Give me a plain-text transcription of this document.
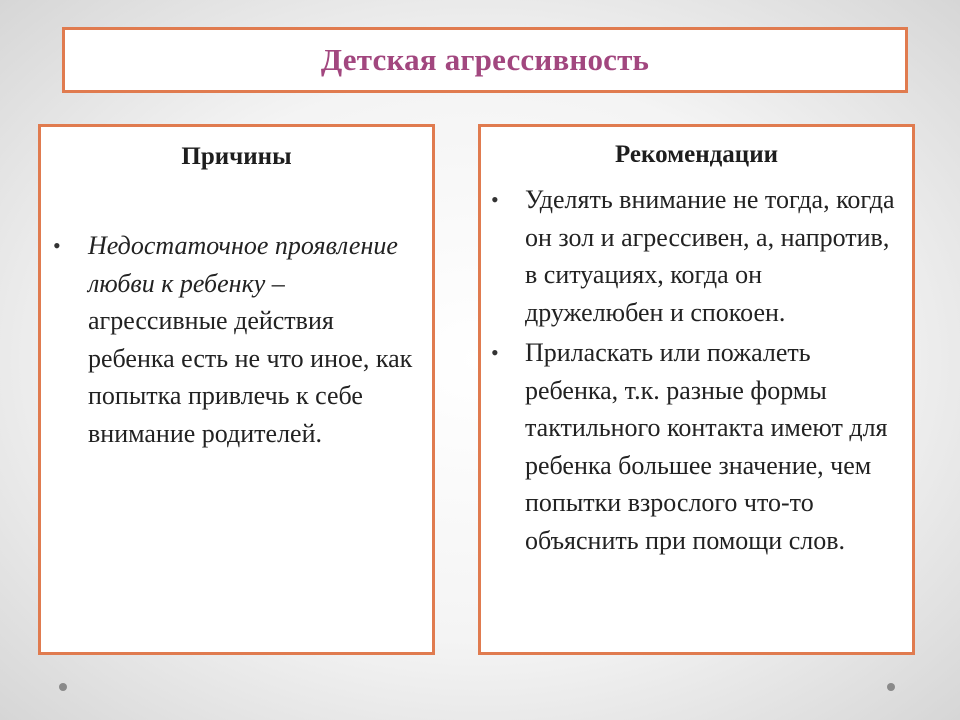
Детская агрессивность
Причины
• Недостаточное проявление любви к ребенку – агрессивные действия ребенка есть не что иное, как попытка привлечь к себе внимание родителей.
Рекомендации
• Уделять внимание не тогда, когда он зол и агрессивен, а, напротив, в ситуациях, когда он дружелюбен и спокоен.
• Приласкать или пожалеть ребенка, т.к. разные формы тактильного контакта имеют для ребенка большее значение, чем попытки взрослого что-то объяснить при помощи слов.
